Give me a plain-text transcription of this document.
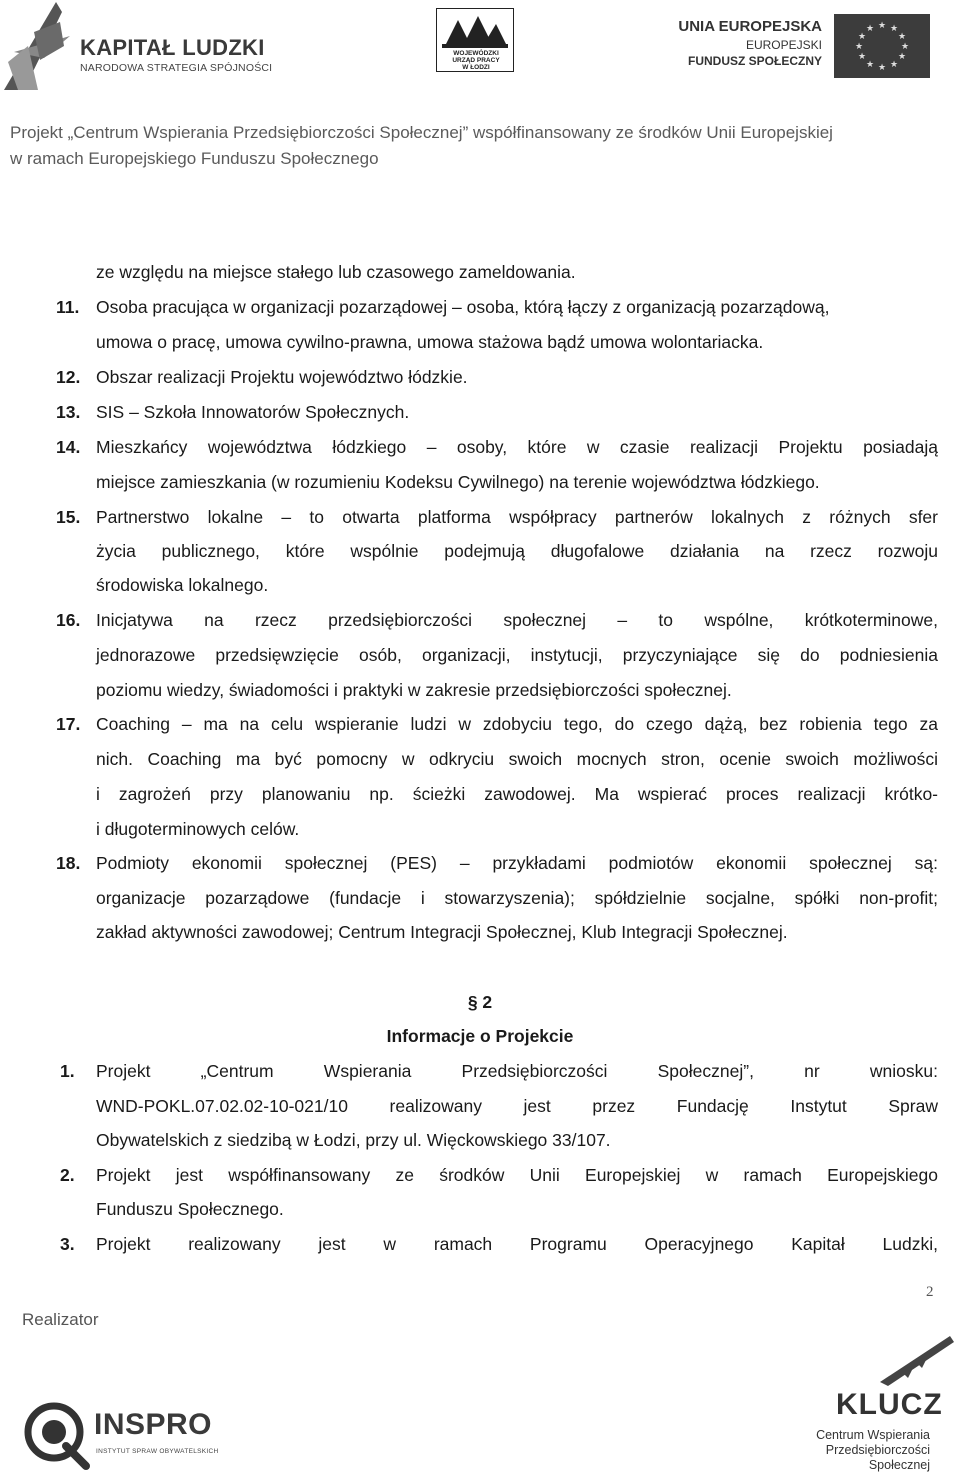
KAPITAŁ LUDZKI
NARODOWA STRATEGIA SPÓJNOŚCI
WOJEWÓDZKI
URZĄD PRACY
W ŁODZI
UNIA EUROPEJSKA
EUROPEJSKI
FUNDUSZ SPOŁECZNY
★ ★
★
★
★
★
★
★
★
★
★
★
Projekt „Centrum Wspierania Przedsiębiorczości Społecznej” współfinansowany ze środków Unii Europejskiej
w ramach Europejskiego Funduszu Społecznego
ze względu na miejsce stałego lub czasowego zameldowania.
11. Osoba pracująca w organizacji pozarządowej – osoba, którą łączy z organizacją pozarządową,
umowa o pracę, umowa cywilno-prawna, umowa stażowa bądź umowa wolontariacka.
12. Obszar realizacji Projektu województwo łódzkie.
13. SIS – Szkoła Innowatorów Społecznych.
14. Mieszkańcy województwa łódzkiego – osoby, które w czasie realizacji Projektu posiadają
miejsce zamieszkania (w rozumieniu Kodeksu Cywilnego) na terenie województwa łódzkiego.
15. Partnerstwo lokalne – to otwarta platforma współpracy partnerów lokalnych z różnych sfer
życia publicznego, które wspólnie podejmują długofalowe działania na rzecz rozwoju
środowiska lokalnego.
16. Inicjatywa na rzecz przedsiębiorczości społecznej – to wspólne, krótkoterminowe,
jednorazowe przedsięwzięcie osób, organizacji, instytucji, przyczyniające się do podniesienia
poziomu wiedzy, świadomości i praktyki w zakresie przedsiębiorczości społecznej.
17. Coaching – ma na celu wspieranie ludzi w zdobyciu tego, do czego dążą, bez robienia tego za
nich. Coaching ma być pomocny w odkryciu swoich mocnych stron, ocenie swoich możliwości
i zagrożeń przy planowaniu np. ścieżki zawodowej. Ma wspierać proces realizacji krótko-
i długoterminowych celów.
18. Podmioty ekonomii społecznej (PES) – przykładami podmiotów ekonomii społecznej są:
organizacje pozarządowe (fundacje i stowarzyszenia); spółdzielnie socjalne, spółki non-profit;
zakład aktywności zawodowej; Centrum Integracji Społecznej, Klub Integracji Społecznej.
§ 2
Informacje o Projekcie
1. Projekt „Centrum Wspierania Przedsiębiorczości Społecznej”, nr wniosku:
WND-POKL.07.02.02-10-021/10 realizowany jest przez Fundację Instytut Spraw
Obywatelskich z siedzibą w Łodzi, przy ul. Więckowskiego 33/107.
2. Projekt jest współfinansowany ze środków Unii Europejskiej w ramach Europejskiego
Funduszu Społecznego.
3. Projekt realizowany jest w ramach Programu Operacyjnego Kapitał Ludzki,
2
Realizator
INSPRO
INSTYTUT SPRAW OBYWATELSKICH
KLUCZ
Centrum Wspierania
Przedsiębiorczości
Społecznej
